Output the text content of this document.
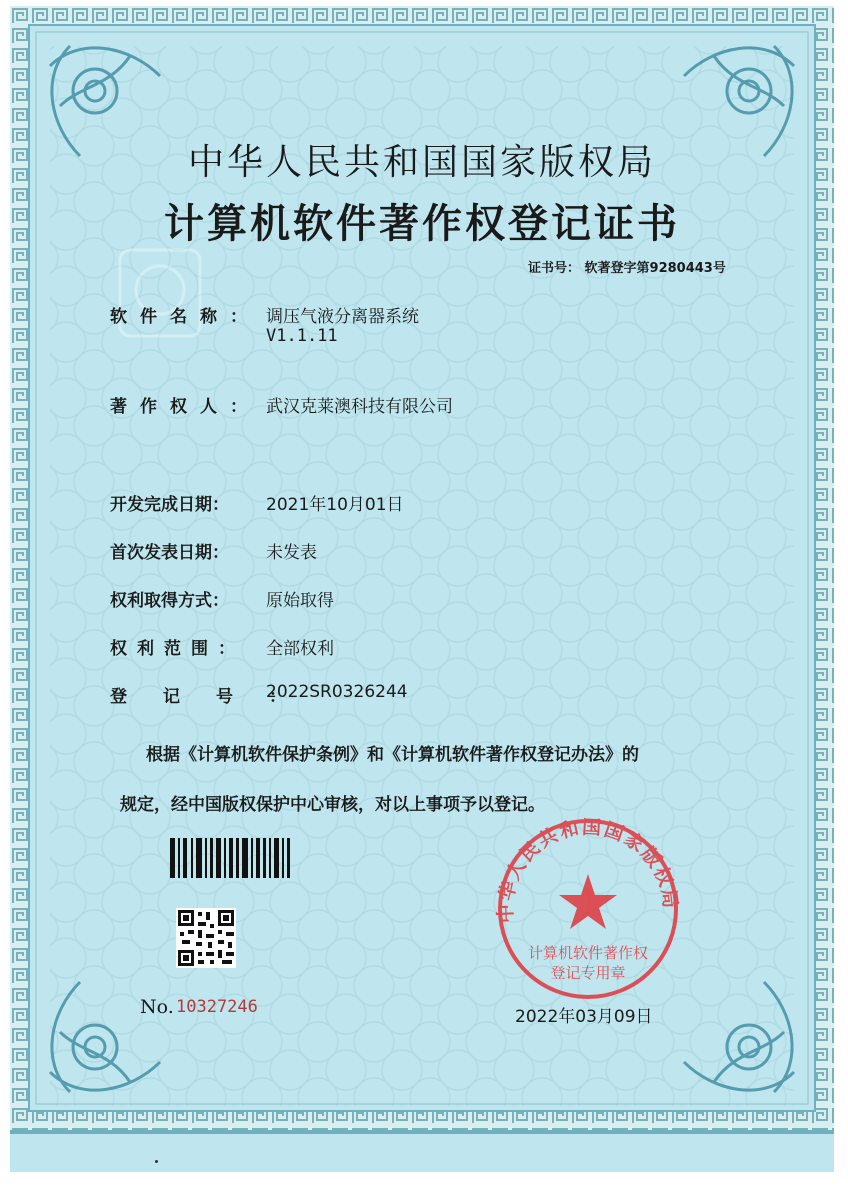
中华人民共和国国家版权局
计算机软件著作权
登记专用章
中华人民共和国国家版权局
计算机软件著作权登记证书
证书号： 软著登字第9280443号
软件名称： 调压气液分离器系统
V1.1.11
著作权人： 武汉克莱澳科技有限公司
开发完成日期： 2021年10月01日
首次发表日期： 未发表
权利取得方式： 原始取得
权利范围： 全部权利
登记号：
2022SR0326244
根据《计算机软件保护条例》和《计算机软件著作权登记办法》的
规定，经中国版权保护中心审核，对以上事项予以登记。
No. 10327246	2022年03月09日
